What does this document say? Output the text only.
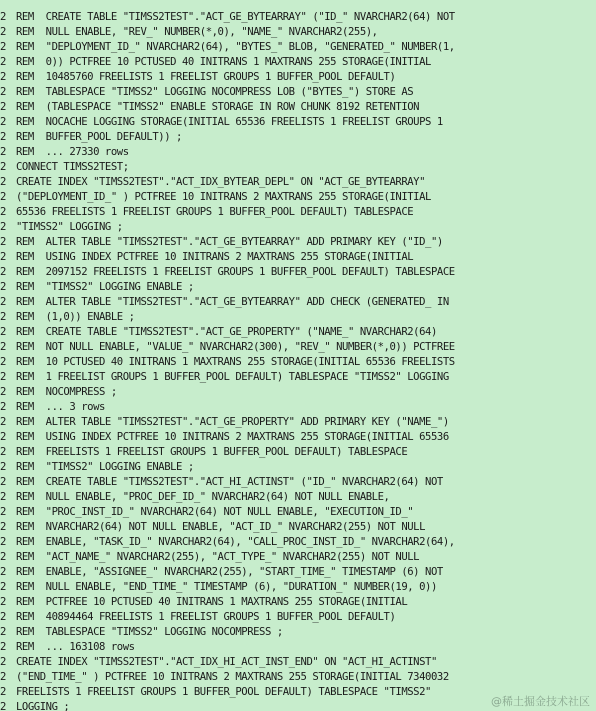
2 REM  CREATE TABLE "TIMSS2TEST"."ACT_GE_BYTEARRAY" ("ID_" NVARCHAR2(64) NOT
2 REM  NULL ENABLE, "REV_" NUMBER(*,0), "NAME_" NVARCHAR2(255),
2 REM  "DEPLOYMENT_ID_" NVARCHAR2(64), "BYTES_" BLOB, "GENERATED_" NUMBER(1,
2 REM  0)) PCTFREE 10 PCTUSED 40 INITRANS 1 MAXTRANS 255 STORAGE(INITIAL
2 REM  10485760 FREELISTS 1 FREELIST GROUPS 1 BUFFER_POOL DEFAULT)
2 REM  TABLESPACE "TIMSS2" LOGGING NOCOMPRESS LOB ("BYTES_") STORE AS
2 REM  (TABLESPACE "TIMSS2" ENABLE STORAGE IN ROW CHUNK 8192 RETENTION
2 REM  NOCACHE LOGGING STORAGE(INITIAL 65536 FREELISTS 1 FREELIST GROUPS 1
2 REM  BUFFER_POOL DEFAULT)) ;
2 REM  ... 27330 rows
2 CONNECT TIMSS2TEST;
2 CREATE INDEX "TIMSS2TEST"."ACT_IDX_BYTEAR_DEPL" ON "ACT_GE_BYTEARRAY"
2 ("DEPLOYMENT_ID_" ) PCTFREE 10 INITRANS 2 MAXTRANS 255 STORAGE(INITIAL
2 65536 FREELISTS 1 FREELIST GROUPS 1 BUFFER_POOL DEFAULT) TABLESPACE
2 "TIMSS2" LOGGING ;
2 REM  ALTER TABLE "TIMSS2TEST"."ACT_GE_BYTEARRAY" ADD PRIMARY KEY ("ID_")
2 REM  USING INDEX PCTFREE 10 INITRANS 2 MAXTRANS 255 STORAGE(INITIAL
2 REM  2097152 FREELISTS 1 FREELIST GROUPS 1 BUFFER_POOL DEFAULT) TABLESPACE
2 REM  "TIMSS2" LOGGING ENABLE ;
2 REM  ALTER TABLE "TIMSS2TEST"."ACT_GE_BYTEARRAY" ADD CHECK (GENERATED_ IN
2 REM  (1,0)) ENABLE ;
2 REM  CREATE TABLE "TIMSS2TEST"."ACT_GE_PROPERTY" ("NAME_" NVARCHAR2(64)
2 REM  NOT NULL ENABLE, "VALUE_" NVARCHAR2(300), "REV_" NUMBER(*,0)) PCTFREE
2 REM  10 PCTUSED 40 INITRANS 1 MAXTRANS 255 STORAGE(INITIAL 65536 FREELISTS
2 REM  1 FREELIST GROUPS 1 BUFFER_POOL DEFAULT) TABLESPACE "TIMSS2" LOGGING
2 REM  NOCOMPRESS ;
2 REM  ... 3 rows
2 REM  ALTER TABLE "TIMSS2TEST"."ACT_GE_PROPERTY" ADD PRIMARY KEY ("NAME_")
2 REM  USING INDEX PCTFREE 10 INITRANS 2 MAXTRANS 255 STORAGE(INITIAL 65536
2 REM  FREELISTS 1 FREELIST GROUPS 1 BUFFER_POOL DEFAULT) TABLESPACE
2 REM  "TIMSS2" LOGGING ENABLE ;
2 REM  CREATE TABLE "TIMSS2TEST"."ACT_HI_ACTINST" ("ID_" NVARCHAR2(64) NOT
2 REM  NULL ENABLE, "PROC_DEF_ID_" NVARCHAR2(64) NOT NULL ENABLE,
2 REM  "PROC_INST_ID_" NVARCHAR2(64) NOT NULL ENABLE, "EXECUTION_ID_"
2 REM  NVARCHAR2(64) NOT NULL ENABLE, "ACT_ID_" NVARCHAR2(255) NOT NULL
2 REM  ENABLE, "TASK_ID_" NVARCHAR2(64), "CALL_PROC_INST_ID_" NVARCHAR2(64),
2 REM  "ACT_NAME_" NVARCHAR2(255), "ACT_TYPE_" NVARCHAR2(255) NOT NULL
2 REM  ENABLE, "ASSIGNEE_" NVARCHAR2(255), "START_TIME_" TIMESTAMP (6) NOT
2 REM  NULL ENABLE, "END_TIME_" TIMESTAMP (6), "DURATION_" NUMBER(19, 0))
2 REM  PCTFREE 10 PCTUSED 40 INITRANS 1 MAXTRANS 255 STORAGE(INITIAL
2 REM  40894464 FREELISTS 1 FREELIST GROUPS 1 BUFFER_POOL DEFAULT)
2 REM  TABLESPACE "TIMSS2" LOGGING NOCOMPRESS ;
2 REM  ... 163108 rows
2 CREATE INDEX "TIMSS2TEST"."ACT_IDX_HI_ACT_INST_END" ON "ACT_HI_ACTINST"
2 ("END_TIME_" ) PCTFREE 10 INITRANS 2 MAXTRANS 255 STORAGE(INITIAL 7340032
2 FREELISTS 1 FREELIST GROUPS 1 BUFFER_POOL DEFAULT) TABLESPACE "TIMSS2"
2 LOGGING ;	@稀土掘金技术社区
